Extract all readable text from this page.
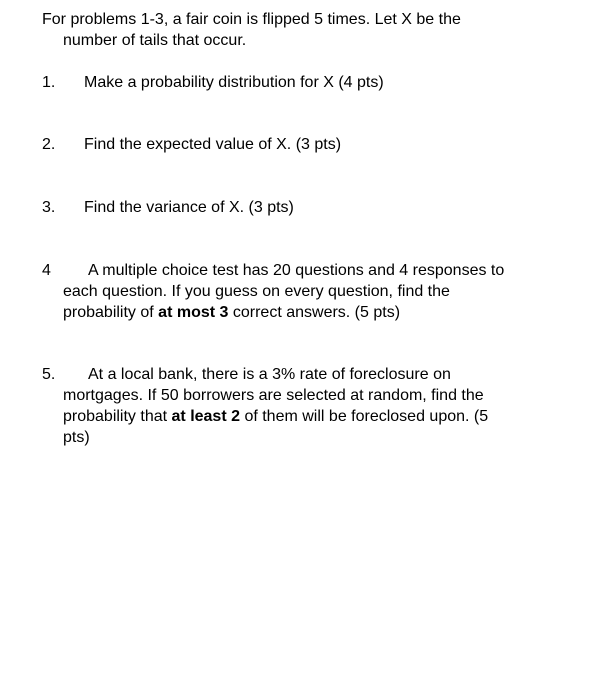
For problems 1-3, a fair coin is flipped 5 times. Let X be the
number of tails that occur.
1. Make a probability distribution for X (4 pts)
2. Find the expected value of X. (3 pts)
3. Find the variance of X. (3 pts)
4 A multiple choice test has 20 questions and 4 responses to
each question. If you guess on every question, find the
probability of at most 3 correct answers. (5 pts)
5. At a local bank, there is a 3% rate of foreclosure on
mortgages. If 50 borrowers are selected at random, find the
probability that at least 2 of them will be foreclosed upon. (5
pts)
